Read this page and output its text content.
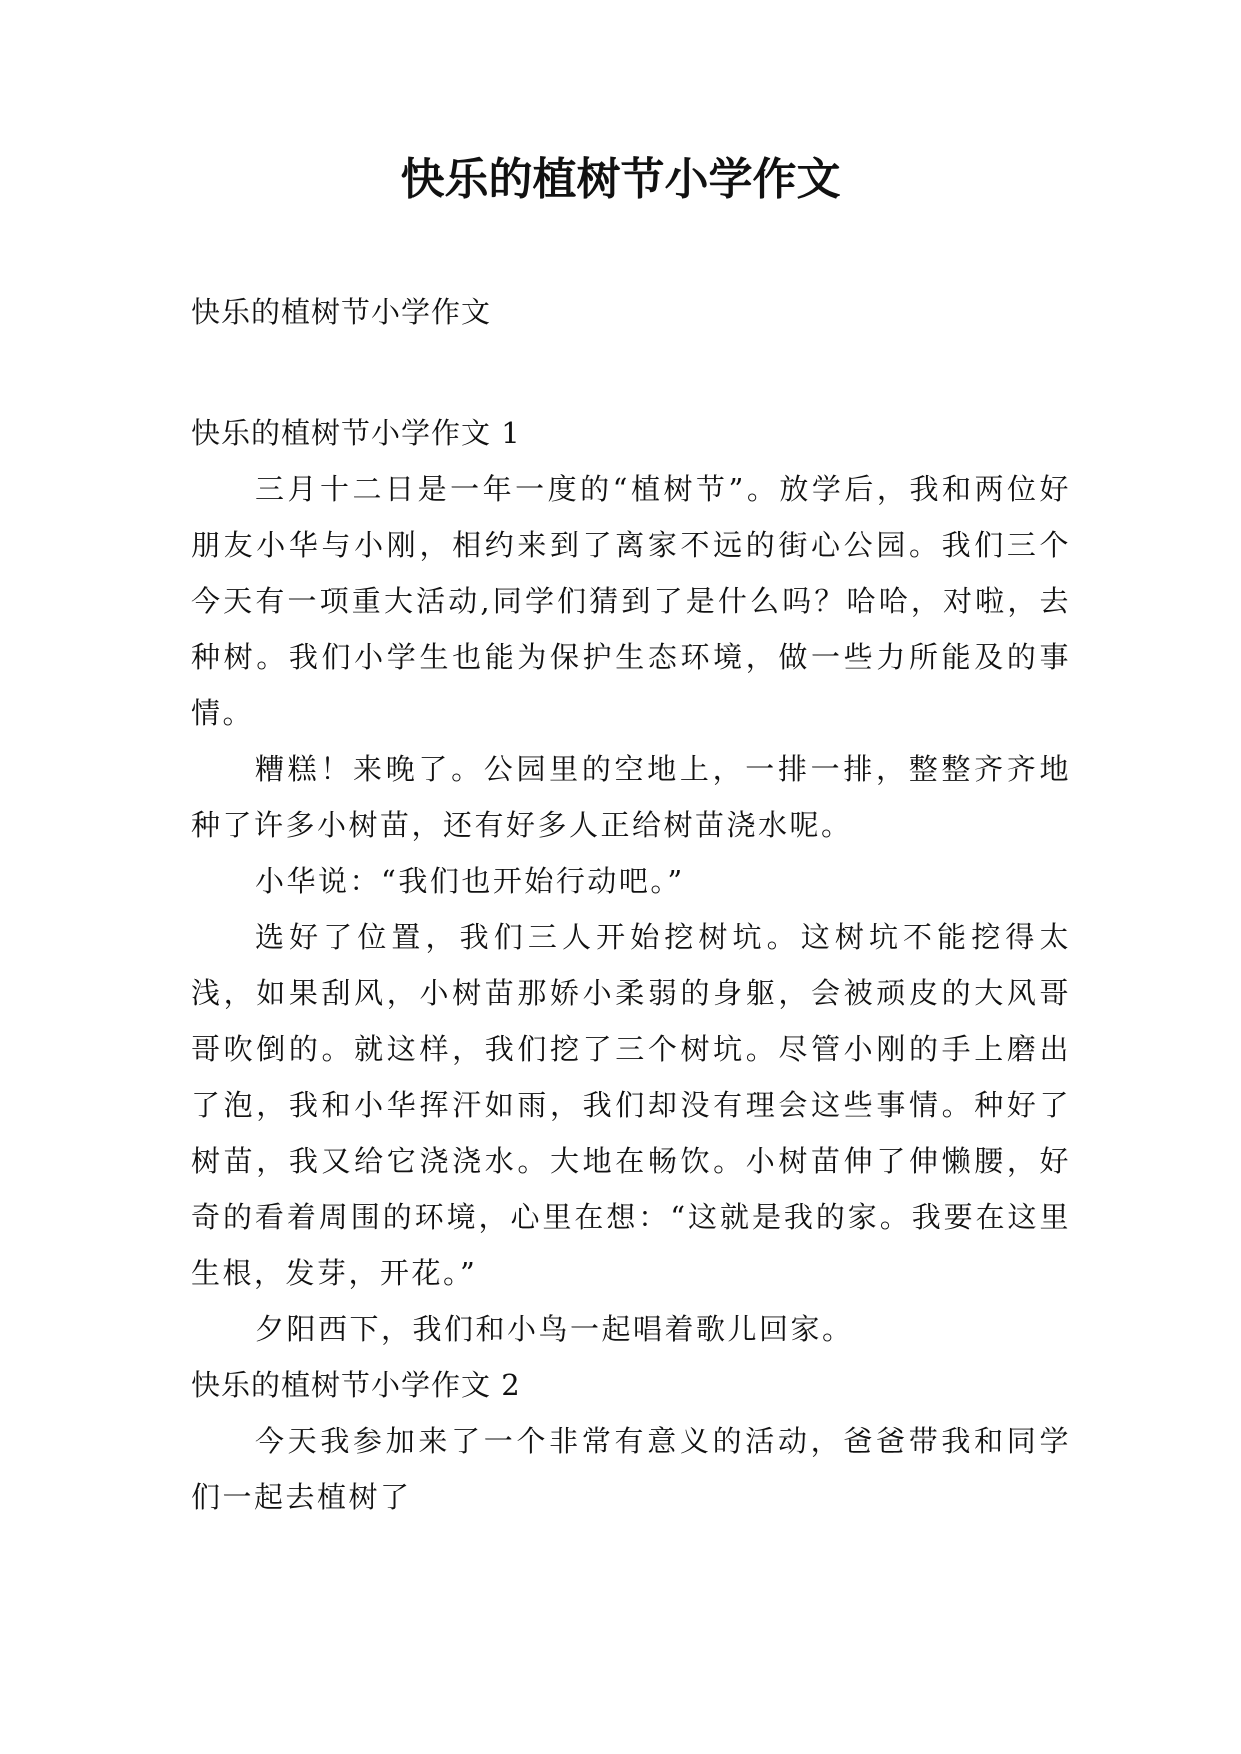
快乐的植树节小学作文

快乐的植树节小学作文

快乐的植树节小学作文 1

三月十二日是一年一度的“植树节”。放学后，我和两位好朋友小华与小刚，相约来到了离家不远的街心公园。我们三个今天有一项重大活动,同学们猜到了是什么吗？哈哈，对啦，去种树。我们小学生也能为保护生态环境，做一些力所能及的事情。

糟糕！来晚了。公园里的空地上，一排一排，整整齐齐地种了许多小树苗，还有好多人正给树苗浇水呢。

小华说：“我们也开始行动吧。”

选好了位置，我们三人开始挖树坑。这树坑不能挖得太浅，如果刮风，小树苗那娇小柔弱的身躯，会被顽皮的大风哥哥吹倒的。就这样，我们挖了三个树坑。尽管小刚的手上磨出了泡，我和小华挥汗如雨，我们却没有理会这些事情。种好了树苗，我又给它浇浇水。大地在畅饮。小树苗伸了伸懒腰，好奇的看着周围的环境，心里在想：“这就是我的家。我要在这里生根，发芽，开花。”

夕阳西下，我们和小鸟一起唱着歌儿回家。

快乐的植树节小学作文 2

今天我参加来了一个非常有意义的活动，爸爸带我和同学们一起去植树了
